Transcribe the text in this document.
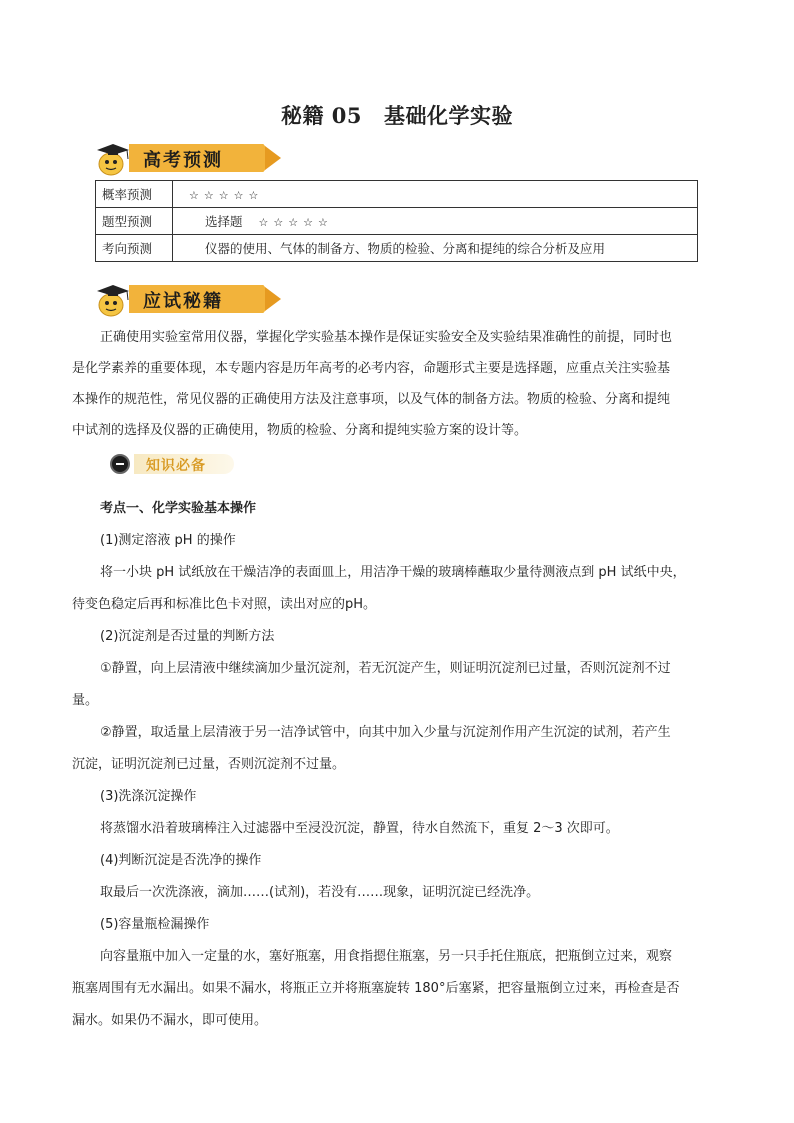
秘籍 05 基础化学实验
高考预测
概率预测	☆☆☆☆☆
题型预测	选择题 ☆☆☆☆☆
考向预测	仪器的使用、气体的制备方、物质的检验、分离和提纯的综合分析及应用
应试秘籍

正确使用实验室常用仪器，掌握化学实验基本操作是保证实验安全及实验结果准确性的前提，同时也

是化学素养的重要体现，本专题内容是历年高考的必考内容，命题形式主要是选择题，应重点关注实验基

本操作的规范性，常见仪器的正确使用方法及注意事项，以及气体的制备方法。物质的检验、分离和提纯

中试剂的选择及仪器的正确使用，物质的检验、分离和提纯实验方案的设计等。

知识必备
考点一、化学实验基本操作
(1)测定溶液 pH 的操作
将一小块 pH 试纸放在干燥洁净的表面皿上，用洁净干燥的玻璃棒蘸取少量待测液点到 pH 试纸中央，
待变色稳定后再和标准比色卡对照，读出对应的pH。
(2)沉淀剂是否过量的判断方法
①静置，向上层清液中继续滴加少量沉淀剂，若无沉淀产生，则证明沉淀剂已过量，否则沉淀剂不过
量。
②静置，取适量上层清液于另一洁净试管中，向其中加入少量与沉淀剂作用产生沉淀的试剂，若产生
沉淀，证明沉淀剂已过量，否则沉淀剂不过量。
(3)洗涤沉淀操作
将蒸馏水沿着玻璃棒注入过滤器中至浸没沉淀，静置，待水自然流下，重复 2～3 次即可。
(4)判断沉淀是否洗净的操作
取最后一次洗涤液，滴加……(试剂)，若没有……现象，证明沉淀已经洗净。
(5)容量瓶检漏操作
向容量瓶中加入一定量的水，塞好瓶塞，用食指摁住瓶塞，另一只手托住瓶底，把瓶倒立过来，观察
瓶塞周围有无水漏出。如果不漏水，将瓶正立并将瓶塞旋转 180°后塞紧，把容量瓶倒立过来，再检查是否
漏水。如果仍不漏水，即可使用。
